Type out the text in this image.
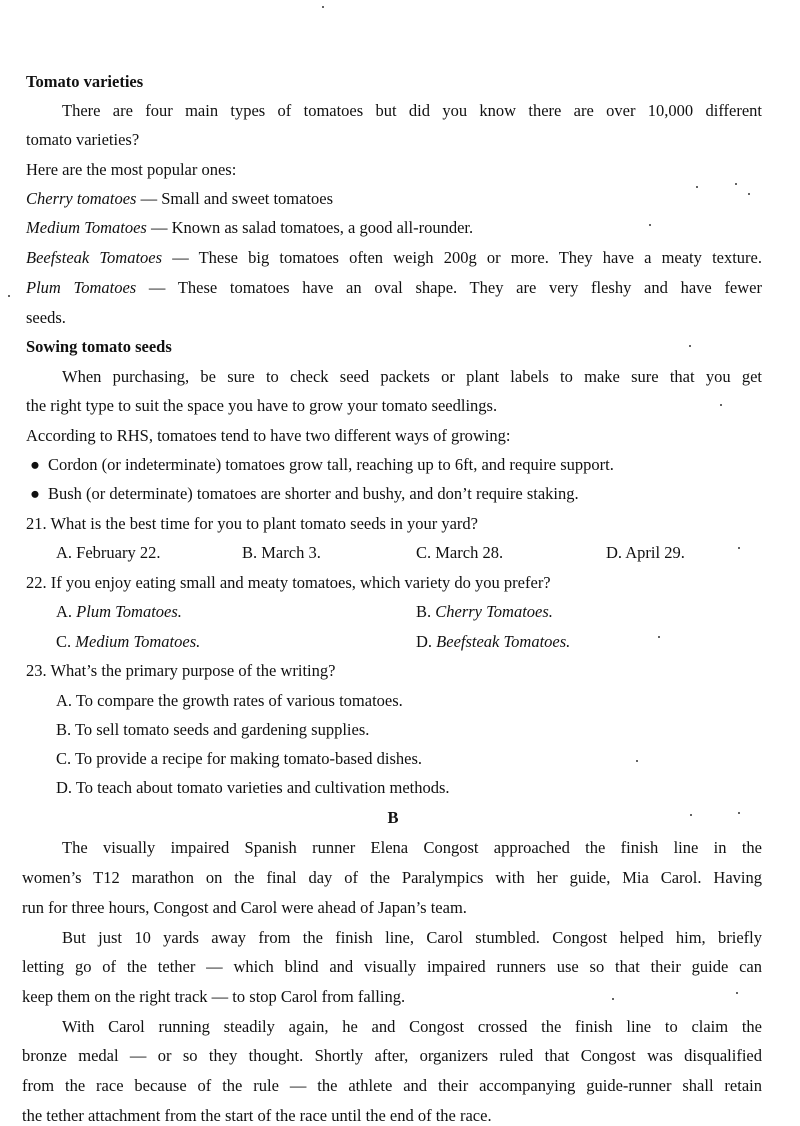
Tomato varieties
There are four main types of tomatoes but did you know there are over 10,000 different
tomato varieties?
Here are the most popular ones:
Cherry tomatoes — Small and sweet tomatoes
Medium Tomatoes — Known as salad tomatoes, a good all-rounder.
Beefsteak Tomatoes — These big tomatoes often weigh 200g or more. They have a meaty texture.
Plum Tomatoes — These tomatoes have an oval shape. They are very fleshy and have fewer
seeds.
Sowing tomato seeds
When purchasing, be sure to check seed packets or plant labels to make sure that you get
the right type to suit the space you have to grow your tomato seedlings.
According to RHS, tomatoes tend to have two different ways of growing:
● Cordon (or indeterminate) tomatoes grow tall, reaching up to 6ft, and require support.
● Bush (or determinate) tomatoes are shorter and bushy, and don’t require staking.
21. What is the best time for you to plant tomato seeds in your yard?
A. February 22.	B. March 3.	C. March 28.	D. April 29.
22. If you enjoy eating small and meaty tomatoes, which variety do you prefer?
A. Plum Tomatoes.	B. Cherry Tomatoes.
C. Medium Tomatoes.	D. Beefsteak Tomatoes.
23. What’s the primary purpose of the writing?
A. To compare the growth rates of various tomatoes.
B. To sell tomato seeds and gardening supplies.
C. To provide a recipe for making tomato-based dishes.
D. To teach about tomato varieties and cultivation methods.
B
The visually impaired Spanish runner Elena Congost approached the finish line in the
women’s T12 marathon on the final day of the Paralympics with her guide, Mia Carol. Having
run for three hours, Congost and Carol were ahead of Japan’s team.
But just 10 yards away from the finish line, Carol stumbled. Congost helped him, briefly
letting go of the tether — which blind and visually impaired runners use so that their guide can
keep them on the right track — to stop Carol from falling.
With Carol running steadily again, he and Congost crossed the finish line to claim the
bronze medal — or so they thought. Shortly after, organizers ruled that Congost was disqualified
from the race because of the rule — the athlete and their accompanying guide-runner shall retain
the tether attachment from the start of the race until the end of the race.
